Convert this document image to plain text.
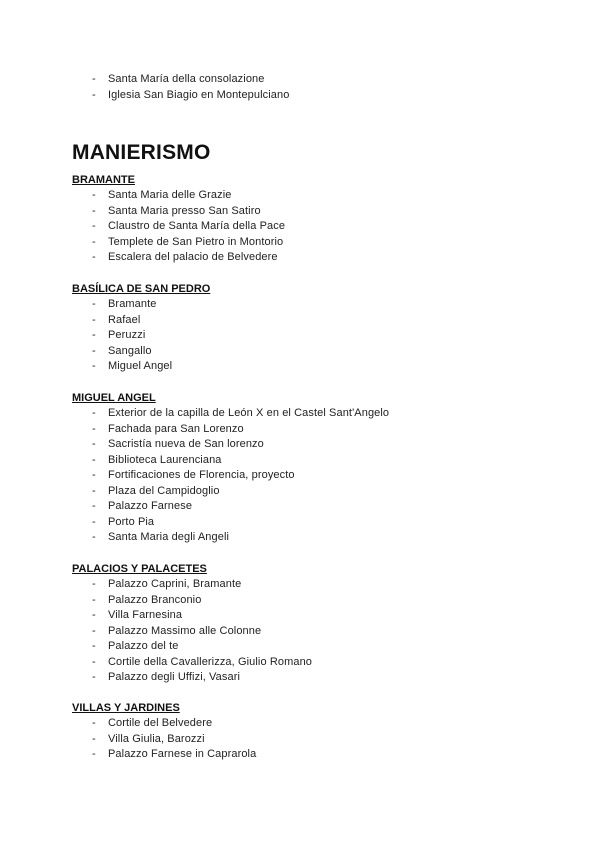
- Santa María della consolazione
- Iglesia San Biagio en Montepulciano
MANIERISMO
BRAMANTE
- Santa Maria delle Grazie
- Santa Maria presso San Satiro
- Claustro de Santa María della Pace
- Templete de San Pietro in Montorio
- Escalera del palacio de Belvedere
BASÍLICA DE SAN PEDRO
- Bramante
- Rafael
- Peruzzi
- Sangallo
- Miguel Angel
MIGUEL ANGEL
- Exterior de la capilla de León X en el Castel Sant'Angelo
- Fachada para San Lorenzo
- Sacristía nueva de San lorenzo
- Biblioteca Laurenciana
- Fortificaciones de Florencia, proyecto
- Plaza del Campidoglio
- Palazzo Farnese
- Porto Pia
- Santa Maria degli Angeli
PALACIOS Y PALACETES
- Palazzo Caprini, Bramante
- Palazzo Branconio
- Villa Farnesina
- Palazzo Massimo alle Colonne
- Palazzo del te
- Cortile della Cavallerizza, Giulio Romano
- Palazzo degli Uffizi, Vasari
VILLAS Y JARDINES
- Cortile del Belvedere
- Villa Giulia, Barozzi
- Palazzo Farnese in Caprarola
